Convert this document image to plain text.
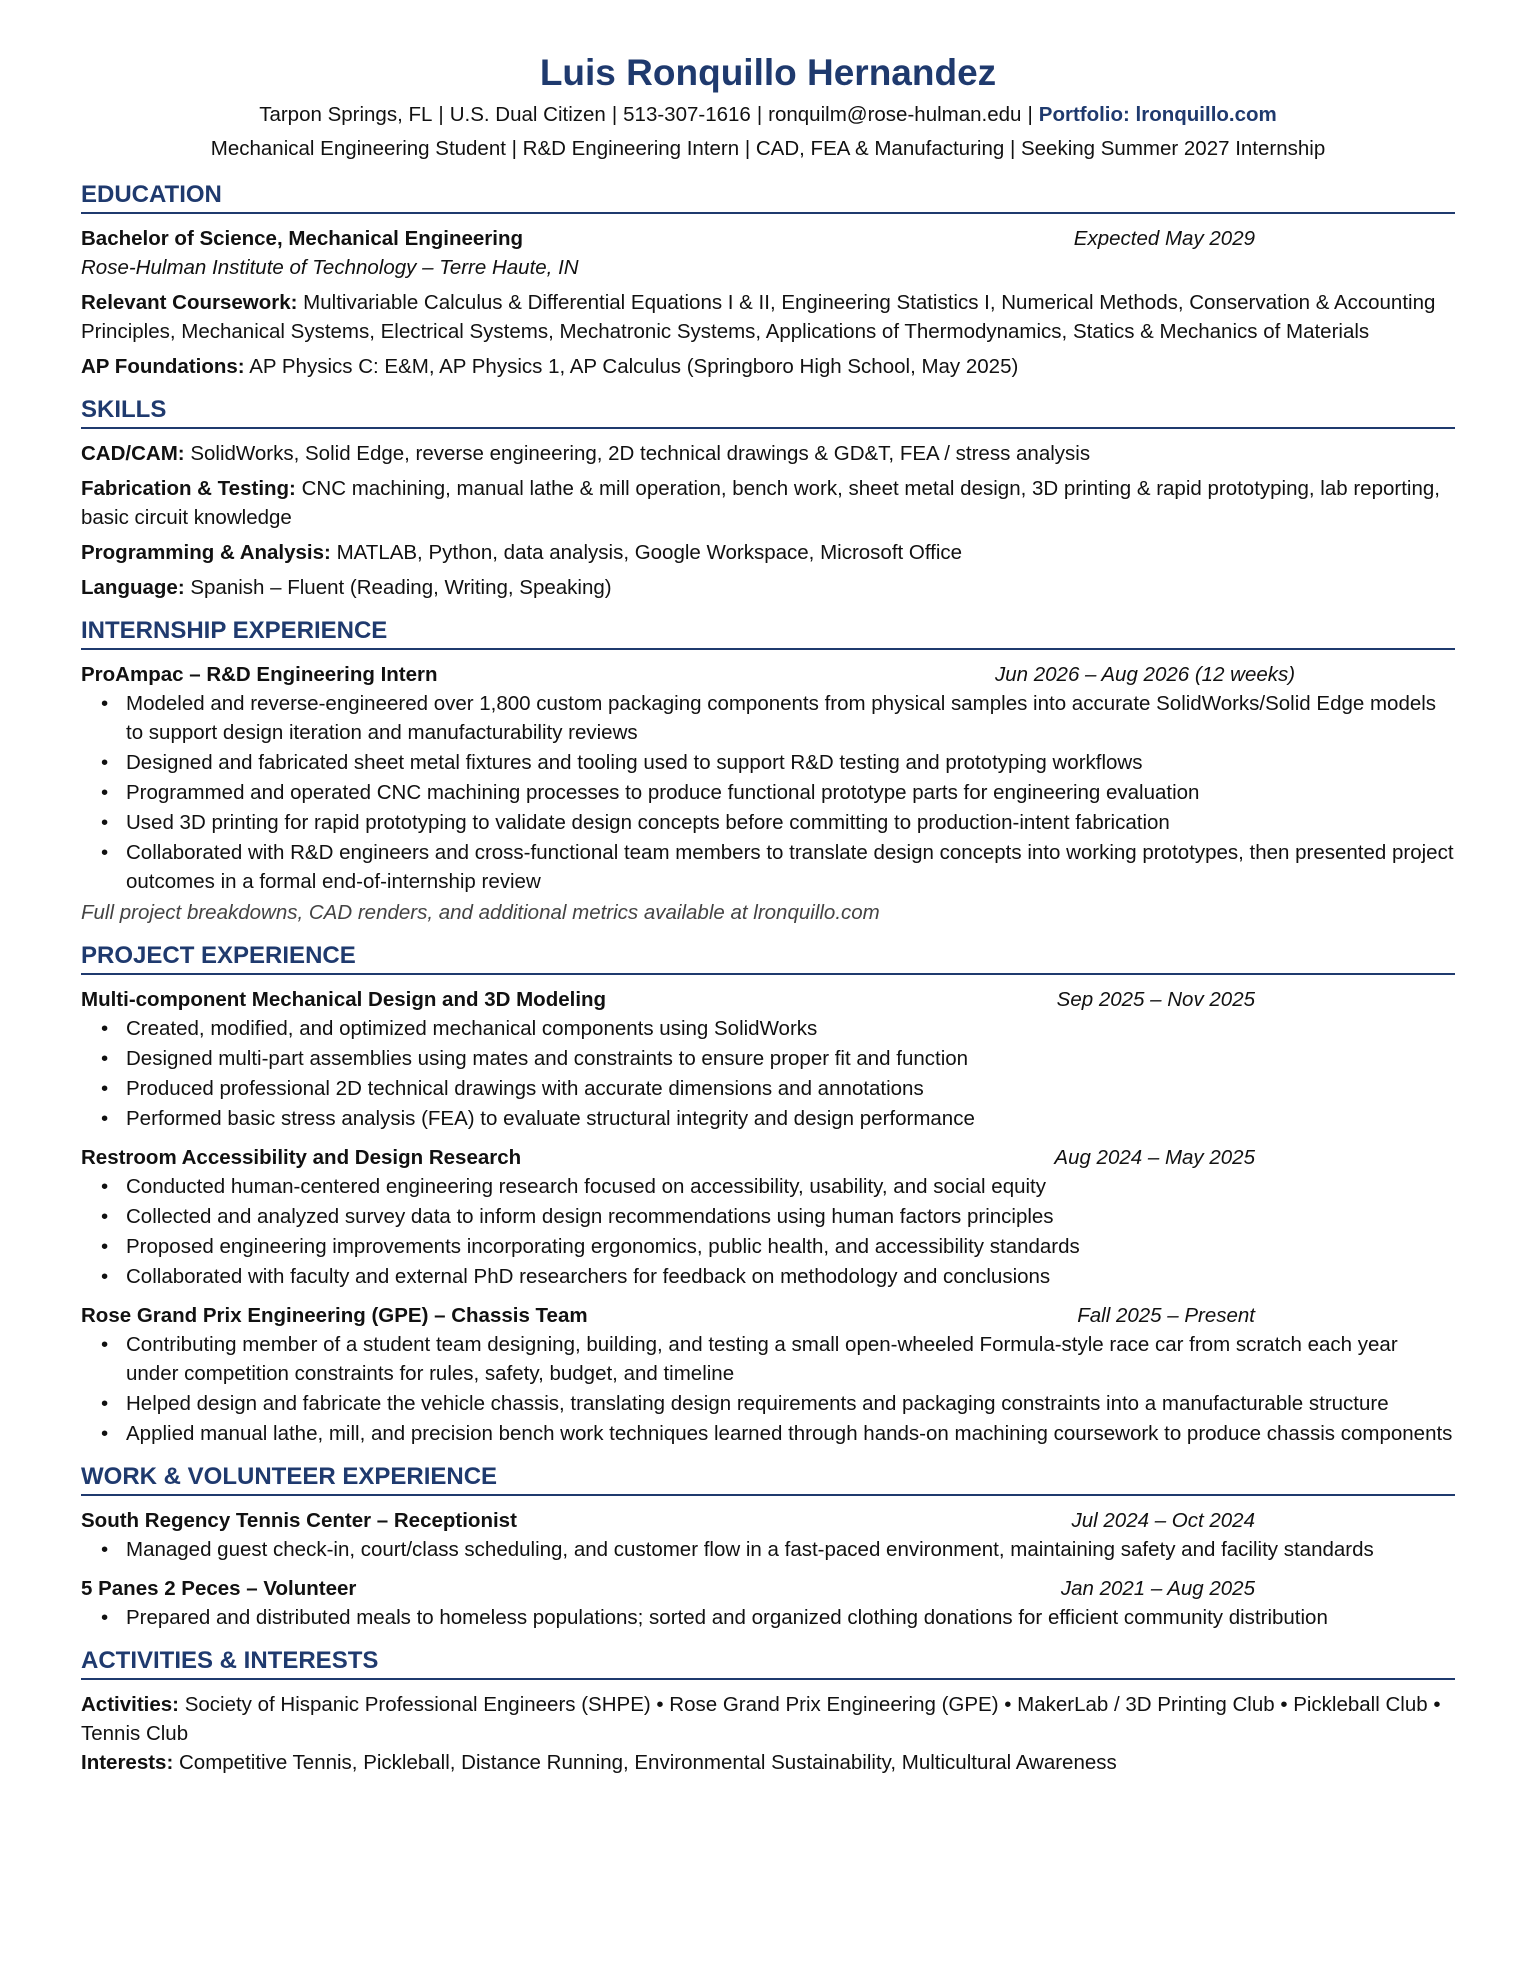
Luis Ronquillo Hernandez
Tarpon Springs, FL | U.S. Dual Citizen | 513-307-1616 | ronquilm@rose-hulman.edu | Portfolio: lronquillo.com
Mechanical Engineering Student | R&D Engineering Intern | CAD, FEA & Manufacturing | Seeking Summer 2027 Internship
EDUCATION
Bachelor of Science, Mechanical Engineering	Expected May 2029
Rose-Hulman Institute of Technology – Terre Haute, IN
Relevant Coursework: Multivariable Calculus & Differential Equations I & II, Engineering Statistics I, Numerical Methods, Conservation & Accounting Principles, Mechanical Systems, Electrical Systems, Mechatronic Systems, Applications of Thermodynamics, Statics & Mechanics of Materials
AP Foundations: AP Physics C: E&M, AP Physics 1, AP Calculus (Springboro High School, May 2025)
SKILLS
CAD/CAM: SolidWorks, Solid Edge, reverse engineering, 2D technical drawings & GD&T, FEA / stress analysis
Fabrication & Testing: CNC machining, manual lathe & mill operation, bench work, sheet metal design, 3D printing & rapid prototyping, lab reporting, basic circuit knowledge
Programming & Analysis: MATLAB, Python, data analysis, Google Workspace, Microsoft Office
Language: Spanish – Fluent (Reading, Writing, Speaking)
INTERNSHIP EXPERIENCE
ProAmpac – R&D Engineering Intern	Jun 2026 – Aug 2026 (12 weeks)
• Modeled and reverse-engineered over 1,800 custom packaging components from physical samples into accurate SolidWorks/Solid Edge models to support design iteration and manufacturability reviews
• Designed and fabricated sheet metal fixtures and tooling used to support R&D testing and prototyping workflows
• Programmed and operated CNC machining processes to produce functional prototype parts for engineering evaluation
• Used 3D printing for rapid prototyping to validate design concepts before committing to production-intent fabrication
• Collaborated with R&D engineers and cross-functional team members to translate design concepts into working prototypes, then presented project outcomes in a formal end-of-internship review
Full project breakdowns, CAD renders, and additional metrics available at lronquillo.com
PROJECT EXPERIENCE
Multi-component Mechanical Design and 3D Modeling	Sep 2025 – Nov 2025
• Created, modified, and optimized mechanical components using SolidWorks
• Designed multi-part assemblies using mates and constraints to ensure proper fit and function
• Produced professional 2D technical drawings with accurate dimensions and annotations
• Performed basic stress analysis (FEA) to evaluate structural integrity and design performance
Restroom Accessibility and Design Research	Aug 2024 – May 2025
• Conducted human-centered engineering research focused on accessibility, usability, and social equity
• Collected and analyzed survey data to inform design recommendations using human factors principles
• Proposed engineering improvements incorporating ergonomics, public health, and accessibility standards
• Collaborated with faculty and external PhD researchers for feedback on methodology and conclusions
Rose Grand Prix Engineering (GPE) – Chassis Team	Fall 2025 – Present
• Contributing member of a student team designing, building, and testing a small open-wheeled Formula-style race car from scratch each year under competition constraints for rules, safety, budget, and timeline
• Helped design and fabricate the vehicle chassis, translating design requirements and packaging constraints into a manufacturable structure
• Applied manual lathe, mill, and precision bench work techniques learned through hands-on machining coursework to produce chassis components
WORK & VOLUNTEER EXPERIENCE
South Regency Tennis Center – Receptionist	Jul 2024 – Oct 2024
• Managed guest check-in, court/class scheduling, and customer flow in a fast-paced environment, maintaining safety and facility standards
5 Panes 2 Peces – Volunteer	Jan 2021 – Aug 2025
• Prepared and distributed meals to homeless populations; sorted and organized clothing donations for efficient community distribution
ACTIVITIES & INTERESTS
Activities: Society of Hispanic Professional Engineers (SHPE) • Rose Grand Prix Engineering (GPE) • MakerLab / 3D Printing Club • Pickleball Club • Tennis Club
Interests: Competitive Tennis, Pickleball, Distance Running, Environmental Sustainability, Multicultural Awareness
